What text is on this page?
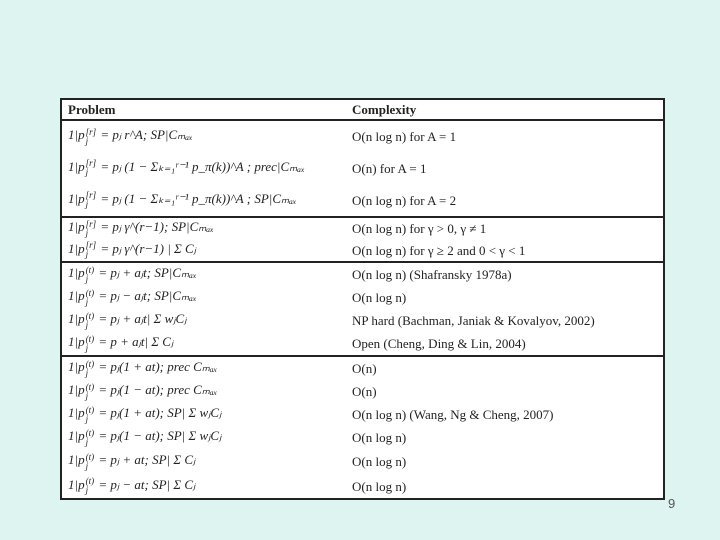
Problem	Complexity
1|p [r]
j = pⱼ r^A; SP|Cₘₐₓ	O(n log n) for A = 1
1|p [r]
j = pⱼ (1 − Σₖ₌₁ʳ⁻¹ p_π(k))^A ; prec|Cₘₐₓ	O(n) for A = 1
1|p [r]
j = pⱼ (1 − Σₖ₌₁ʳ⁻¹ p_π(k))^A ; SP|Cₘₐₓ	O(n log n) for A = 2
1|p [r]
j = pⱼ γ^(r−1); SP|Cₘₐₓ	O(n log n) for γ > 0, γ ≠ 1
1|p [r]
j = pⱼ γ^(r−1) | Σ Cⱼ	O(n log n) for γ ≥ 2 and 0 < γ < 1
1|p (t)
j = pⱼ + aⱼt; SP|Cₘₐₓ	O(n log n) (Shafransky 1978a)
1|p (t)
j = pⱼ − aⱼt; SP|Cₘₐₓ	O(n log n)
1|p (t)
j = pⱼ + aⱼt| Σ wⱼCⱼ	NP hard (Bachman, Janiak & Kovalyov, 2002)
1|p (t)
j = p + aⱼt| Σ Cⱼ	Open (Cheng, Ding & Lin, 2004)
1|p (t)
j = pⱼ(1 + at); prec Cₘₐₓ	O(n)
1|p (t)
j = pⱼ(1 − at); prec Cₘₐₓ	O(n)
1|p (t)
j = pⱼ(1 + at); SP| Σ wⱼCⱼ	O(n log n) (Wang, Ng & Cheng, 2007)
1|p (t)
j = pⱼ(1 − at); SP| Σ wⱼCⱼ	O(n log n)
1|p (t)
j = pⱼ + at; SP| Σ Cⱼ	O(n log n)
1|p (t)
j = pⱼ − at; SP| Σ Cⱼ	O(n log n)
9
